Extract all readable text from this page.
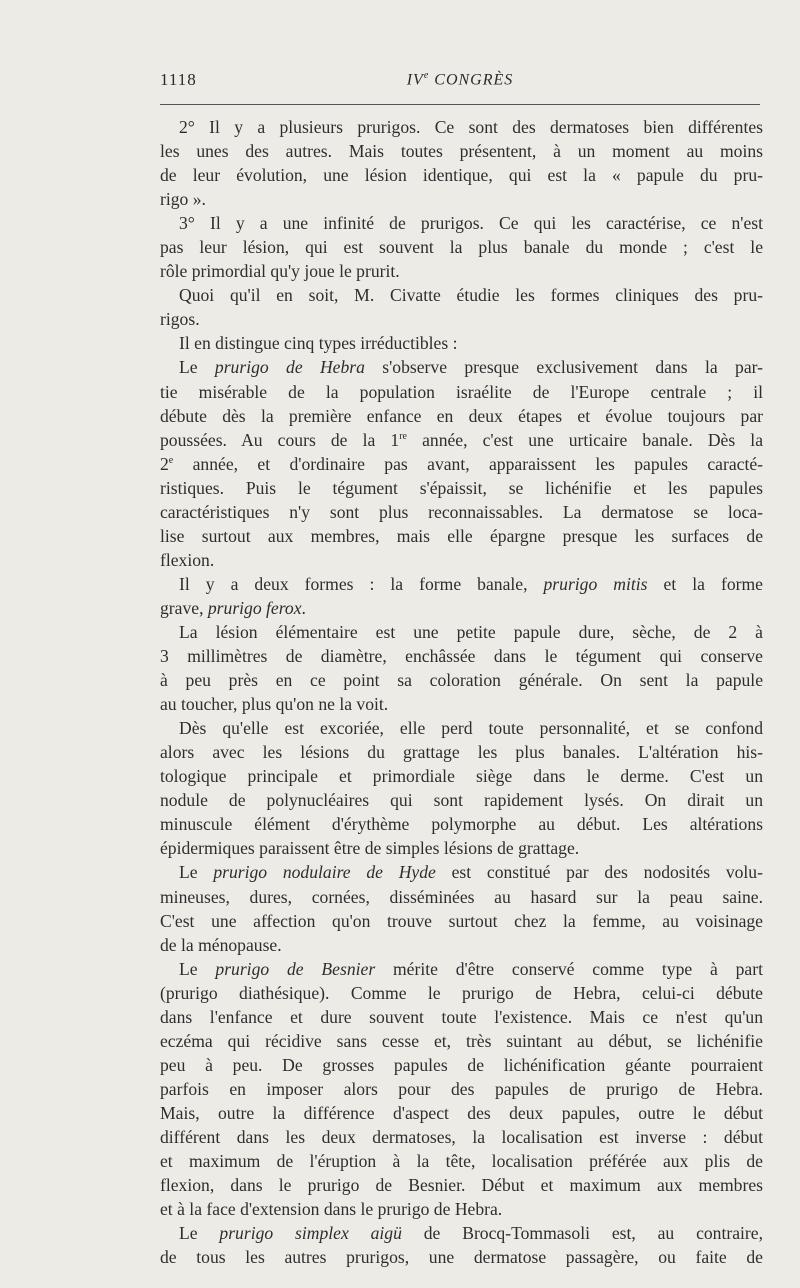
1118	IVe CONGRÈS

2° Il y a plusieurs prurigos. Ce sont des dermatoses bien différentes

les unes des autres. Mais toutes présentent, à un moment au moins

de leur évolution, une lésion identique, qui est la « papule du pru-

rigo ».

3° Il y a une infinité de prurigos. Ce qui les caractérise, ce n'est

pas leur lésion, qui est souvent la plus banale du monde ; c'est le

rôle primordial qu'y joue le prurit.

Quoi qu'il en soit, M. Civatte étudie les formes cliniques des pru-

rigos.

Il en distingue cinq types irréductibles :

Le prurigo de Hebra s'observe presque exclusivement dans la par-

tie misérable de la population israélite de l'Europe centrale ; il

débute dès la première enfance en deux étapes et évolue toujours par

poussées. Au cours de la 1re année, c'est une urticaire banale. Dès la

2e année, et d'ordinaire pas avant, apparaissent les papules caracté-

ristiques. Puis le tégument s'épaissit, se lichénifie et les papules

caractéristiques n'y sont plus reconnaissables. La dermatose se loca-

lise surtout aux membres, mais elle épargne presque les surfaces de

flexion.

Il y a deux formes : la forme banale, prurigo mitis et la forme

grave, prurigo ferox.

La lésion élémentaire est une petite papule dure, sèche, de 2 à

3 millimètres de diamètre, enchâssée dans le tégument qui conserve

à peu près en ce point sa coloration générale. On sent la papule

au toucher, plus qu'on ne la voit.

Dès qu'elle est excoriée, elle perd toute personnalité, et se confond

alors avec les lésions du grattage les plus banales. L'altération his-

tologique principale et primordiale siège dans le derme. C'est un

nodule de polynucléaires qui sont rapidement lysés. On dirait un

minuscule élément d'érythème polymorphe au début. Les altérations

épidermiques paraissent être de simples lésions de grattage.

Le prurigo nodulaire de Hyde est constitué par des nodosités volu-

mineuses, dures, cornées, disséminées au hasard sur la peau saine.

C'est une affection qu'on trouve surtout chez la femme, au voisinage

de la ménopause.

Le prurigo de Besnier mérite d'être conservé comme type à part

(prurigo diathésique). Comme le prurigo de Hebra, celui-ci débute

dans l'enfance et dure souvent toute l'existence. Mais ce n'est qu'un

eczéma qui récidive sans cesse et, très suintant au début, se lichénifie

peu à peu. De grosses papules de lichénification géante pourraient

parfois en imposer alors pour des papules de prurigo de Hebra.

Mais, outre la différence d'aspect des deux papules, outre le début

différent dans les deux dermatoses, la localisation est inverse : début

et maximum de l'éruption à la tête, localisation préférée aux plis de

flexion, dans le prurigo de Besnier. Début et maximum aux membres

et à la face d'extension dans le prurigo de Hebra.

Le prurigo simplex aigü de Brocq-Tommasoli est, au contraire,

de tous les autres prurigos, une dermatose passagère, ou faite de
